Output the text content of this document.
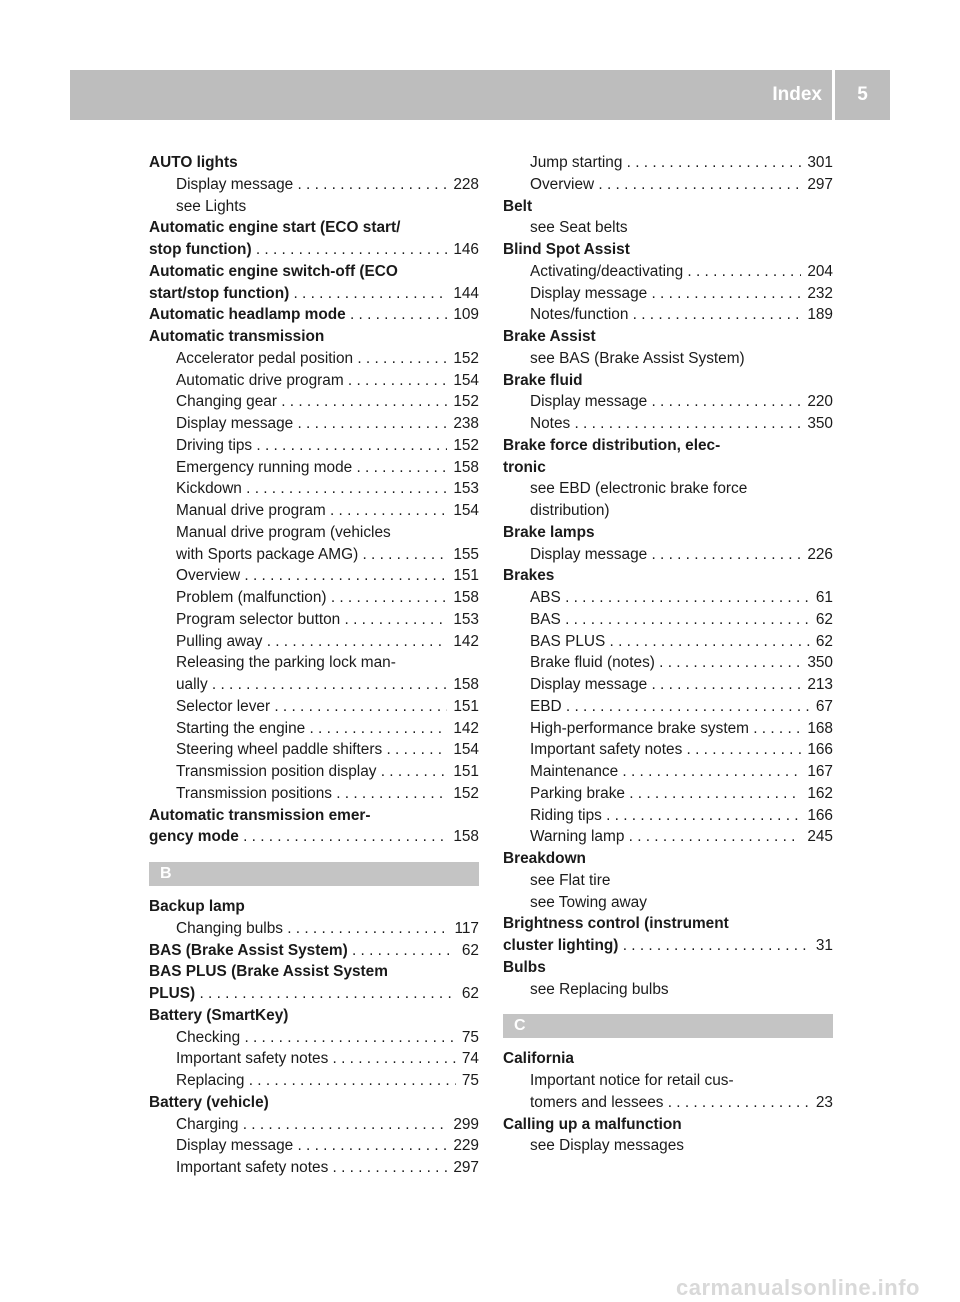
Index	5
AUTO lights
Display message	228
. . .
see Lights
Automatic engine start (ECO start/
stop function)	146
. . .
Automatic engine switch-off (ECO
start/stop function)	144
. . .
Automatic headlamp mode	109
. . .
Automatic transmission
Accelerator pedal position	152
. . .
Automatic drive program	154
. . .
Changing gear	152
. . .
Display message	238
. . .
Driving tips	152
. . .
Emergency running mode	158
. . .
Kickdown	153
. . .
Manual drive program	154
. . .
Manual drive program (vehicles
with Sports package AMG)	155
. . .
Overview	151
. . .
Problem (malfunction)	158
. . .
Program selector button	153
. . .
Pulling away	142
. . .
Releasing the parking lock man-
ually	158
. . .
Selector lever	151
. . .
Starting the engine	142
. . .
Steering wheel paddle shifters	154
. . .
Transmission position display	151
. . .
Transmission positions	152
. . .
Automatic transmission emer-
gency mode	158
. . .
B
Backup lamp
Changing bulbs	117
. . .
BAS (Brake Assist System)	62
. . .
BAS PLUS (Brake Assist System
PLUS)	62
. . .
Battery (SmartKey)
Checking	75
. . .
Important safety notes	74
. . .
Replacing	75
. . .
Battery (vehicle)
Charging	299
. . .
Display message	229
. . .
Important safety notes	297
. . .
Jump starting	301
. . .
Overview	297
. . .
Belt
see Seat belts
Blind Spot Assist
Activating/deactivating	204
. . .
Display message	232
. . .
Notes/function	189
. . .
Brake Assist
see BAS (Brake Assist System)
Brake fluid
Display message	220
. . .
Notes	350
. . .
Brake force distribution, elec-
tronic
see EBD (electronic brake force
distribution)
Brake lamps
Display message	226
. . .
Brakes
ABS	61
. . .
BAS	62
. . .
BAS PLUS	62
. . .
Brake fluid (notes)	350
. . .
Display message	213
. . .
EBD	67
. . .
High-performance brake system	168
. . .
Important safety notes	166
. . .
Maintenance	167
. . .
Parking brake	162
. . .
Riding tips	166
. . .
Warning lamp	245
. . .
Breakdown
see Flat tire
see Towing away
Brightness control (instrument
cluster lighting)	31
. . .
Bulbs
see Replacing bulbs
C
California
Important notice for retail cus-
tomers and lessees	23
. . .
Calling up a malfunction
see Display messages
carmanualsonline.info
